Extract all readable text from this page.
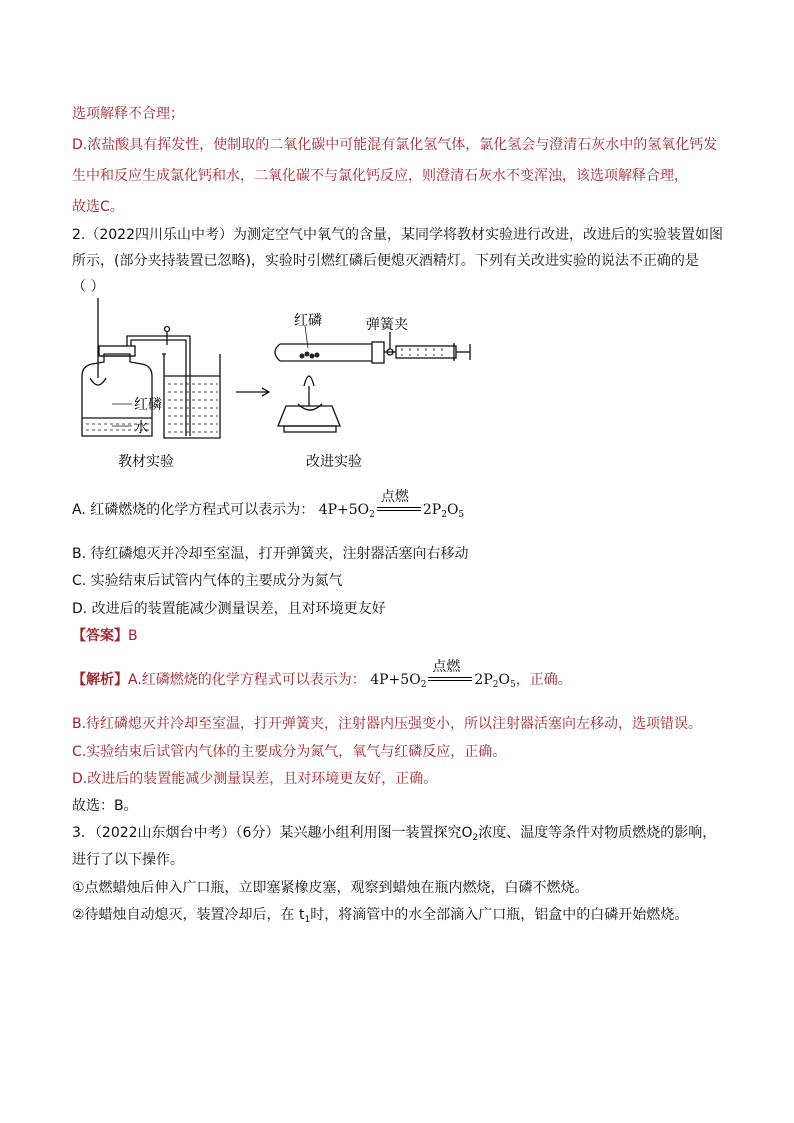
选项解释不合理；
D.浓盐酸具有挥发性，使制取的二氧化碳中可能混有氯化氢气体，氯化氢会与澄清石灰水中的氢氧化钙发
生中和反应生成氯化钙和水，二氧化碳不与氯化钙反应，则澄清石灰水不变浑浊，该选项解释合理，
故选C。
2.（2022四川乐山中考）为测定空气中氧气的含量，某同学将教材实验进行改进，改进后的实验装置如图
所示，(部分夹持装置已忽略)，实验时引燃红磷后便熄灭酒精灯。下列有关改进实验的说法不正确的是
（ ）
红磷
水
红磷	弹簧夹
教材实验	改进实验
A. 红磷燃烧的化学方程式可以表示为： $4P+5O_2$
点燃
$2P_2O_5$
B. 待红磷熄灭并冷却至室温，打开弹簧夹，注射器活塞向右移动
C. 实验结束后试管内气体的主要成分为氮气
D. 改进后的装置能减少测量误差，且对环境更友好
【答案】B
【解析】A.红磷燃烧的化学方程式可以表示为： $4P+5O_2$
点燃
$2P_2O_5$，正确。
B.待红磷熄灭并冷却至室温，打开弹簧夹，注射器内压强变小，所以注射器活塞向左移动，选项错误。
C.实验结束后试管内气体的主要成分为氮气，氧气与红磷反应，正确。
D.改进后的装置能减少测量误差，且对环境更友好，正确。
故选：B。
3．（2022山东烟台中考）（6分）某兴趣小组利用图一装置探究$O_2$浓度、温度等条件对物质燃烧的影响，
进行了以下操作。
①点燃蜡烛后伸入广口瓶，立即塞紧橡皮塞，观察到蜡烛在瓶内燃烧，白磷不燃烧。
②待蜡烛自动熄灭，装置冷却后，在 $t_1$时，将滴管中的水全部滴入广口瓶，铝盒中的白磷开始燃烧。
